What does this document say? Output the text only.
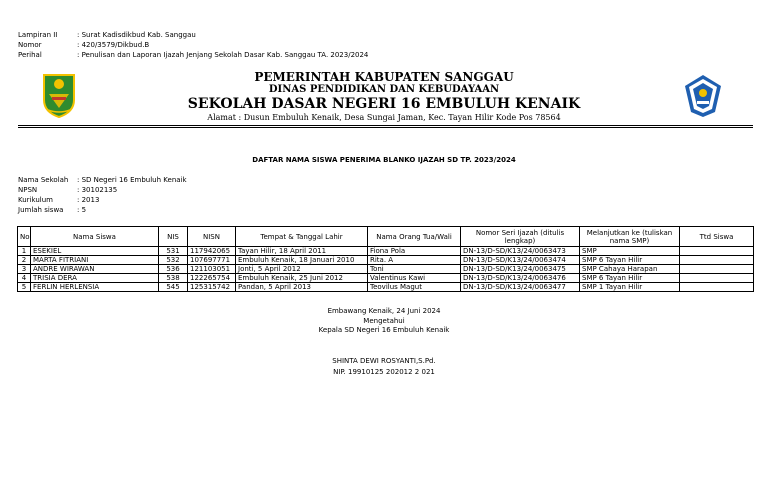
Lampiran II	: Surat Kadisdikbud Kab. Sanggau
Nomor	: 420/3579/Dikbud.B
Perihal	: Penulisan dan Laporan Ijazah Jenjang Sekolah Dasar Kab. Sanggau TA. 2023/2024
PEMERINTAH KABUPATEN SANGGAU
DINAS PENDIDIKAN DAN KEBUDAYAAN
SEKOLAH DASAR NEGERI 16 EMBULUH KENAIK
Alamat : Dusun Embuluh Kenaik, Desa Sungai Jaman, Kec. Tayan Hilir Kode Pos 78564
DAFTAR NAMA SISWA PENERIMA BLANKO IJAZAH SD TP. 2023/2024
Nama Sekolah : SD Negeri 16 Embuluh Kenaik
NPSN	: 30102135
Kurikulum	: 2013
Jumlah siswa : 5
No	Nama Siswa	NIS	NISN	Tempat & Tanggal Lahir	Nama Orang Tua/Wali	Nomor Seri Ijazah (ditulis lengkap)	Melanjutkan ke (tuliskan nama SMP)	Ttd Siswa
1	ESEKIEL	531	117942065	Tayan Hilir, 18 April 2011	Fiona Pola	DN-13/D-SD/K13/24/0063473	SMP	
2	MARTA FITRIANI	532	107697771	Embuluh Kenaik, 18 Januari 2010	Rita. A	DN-13/D-SD/K13/24/0063474	SMP 6 Tayan Hilir	
3	ANDRE WIRAWAN	536	121103051	Jonti, 5 April 2012	Toni	DN-13/D-SD/K13/24/0063475	SMP Cahaya Harapan	
4	TRISIA DERA	538	122265754	Embuluh Kenaik, 25 Juni 2012	Valentinus Kawi	DN-13/D-SD/K13/24/0063476	SMP 6 Tayan Hilir	
5	FERLIN HERLENSIA	545	125315742	Pandan, 5 April 2013	Teovilus Magut	DN-13/D-SD/K13/24/0063477	SMP 1 Tayan Hilir	
Embawang Kenaik, 24 Juni 2024
Mengetahui
Kepala SD Negeri 16 Embuluh Kenaik
SHINTA DEWI ROSYANTI,S.Pd.
NIP. 19910125 202012 2 021
